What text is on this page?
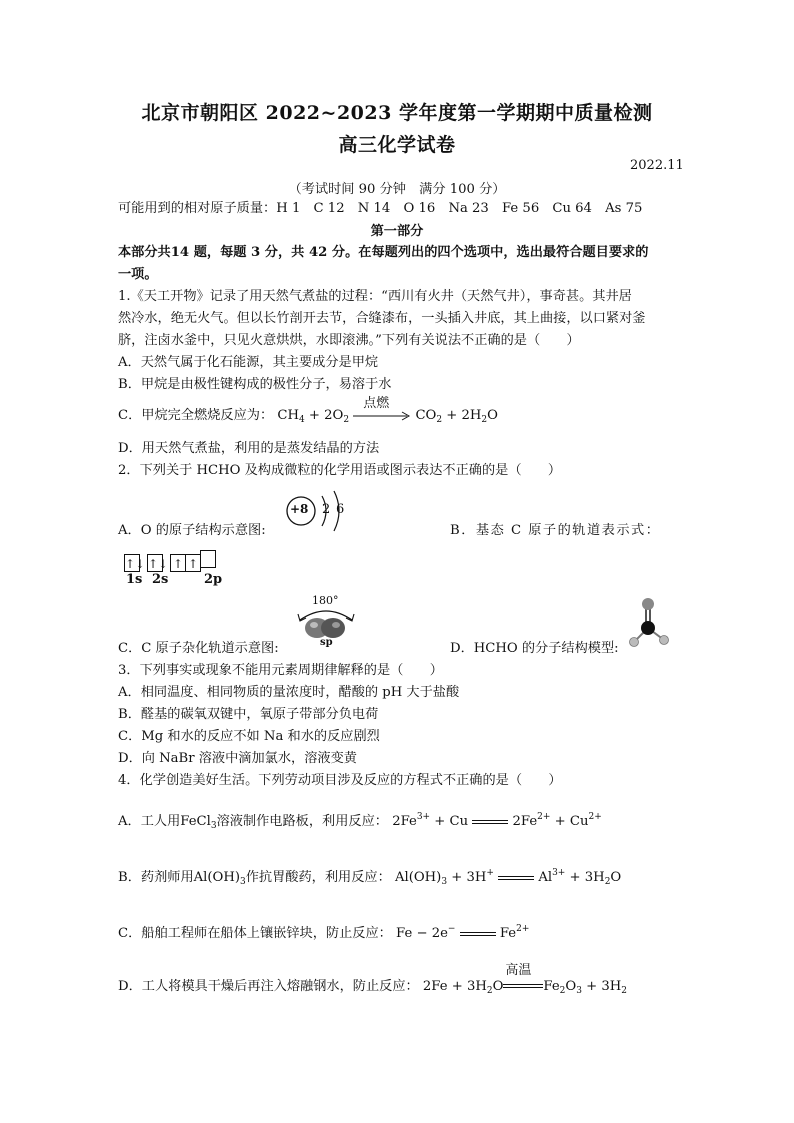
北京市朝阳区 2022~2023 学年度第一学期期中质量检测
高三化学试卷
2022.11
（考试时间 90 分钟　满分 100 分）
可能用到的相对原子质量：H 1　C 12　N 14　O 16　Na 23　Fe 56　Cu 64　As 75
第一部分
本部分共14 题，每题 3 分，共 42 分。在每题列出的四个选项中，选出最符合题目要求的
一项。
1.《天工开物》记录了用天然气煮盐的过程：“西川有火井（天然气井），事奇甚。其井居
然冷水，绝无火气。但以长竹剖开去节，合缝漆布，一头插入井底，其上曲接，以口紧对釜
脐，注卤水釜中，只见火意烘烘，水即滚沸。”下列有关说法不正确的是（　　）
A．天然气属于化石能源，其主要成分是甲烷
B．甲烷是由极性键构成的极性分子，易溶于水
C．甲烷完全燃烧反应为： $CH_4 + 2O_2$
点燃
$CO_2 + 2H_2O$
D．用天然气煮盐，利用的是蒸发结晶的方法
2．下列关于 HCHO 及构成微粒的化学用语或图示表达不正确的是（　　）
+8 2 6
A．O 的原子结构示意图:	B．基态 C 原子的轨道表示式：
↑↓ ↑↓ ↑ ↑
1s 2s	2p
180°
sp
C．C 原子杂化轨道示意图:	D．HCHO 的分子结构模型:
3．下列事实或现象不能用元素周期律解释的是（　　）
A．相同温度、相同物质的量浓度时，醋酸的 pH 大于盐酸
B．醛基的碳氧双键中，氧原子带部分负电荷
C．Mg 和水的反应不如 Na 和水的反应剧烈
D．向 NaBr 溶液中滴加氯水，溶液变黄
4．化学创造美好生活。下列劳动项目涉及反应的方程式不正确的是（　　）
A．工人用FeCl$_3$溶液制作电路板，利用反应： $2Fe^{3+} + Cu$	$2Fe^{2+} + Cu^{2+}$
B．药剂师用$Al(OH)_3$作抗胃酸药，利用反应： $Al(OH)_3 + 3H^+$	$Al^{3+} + 3H_2O$
C．船舶工程师在船体上镶嵌锌块，防止反应： Fe − 2e−	$Fe^{2+}$
D．工人将模具干燥后再注入熔融钢水，防止反应： $2Fe + 3H_2O$
高温
$Fe_2O_3 + 3H_2$
